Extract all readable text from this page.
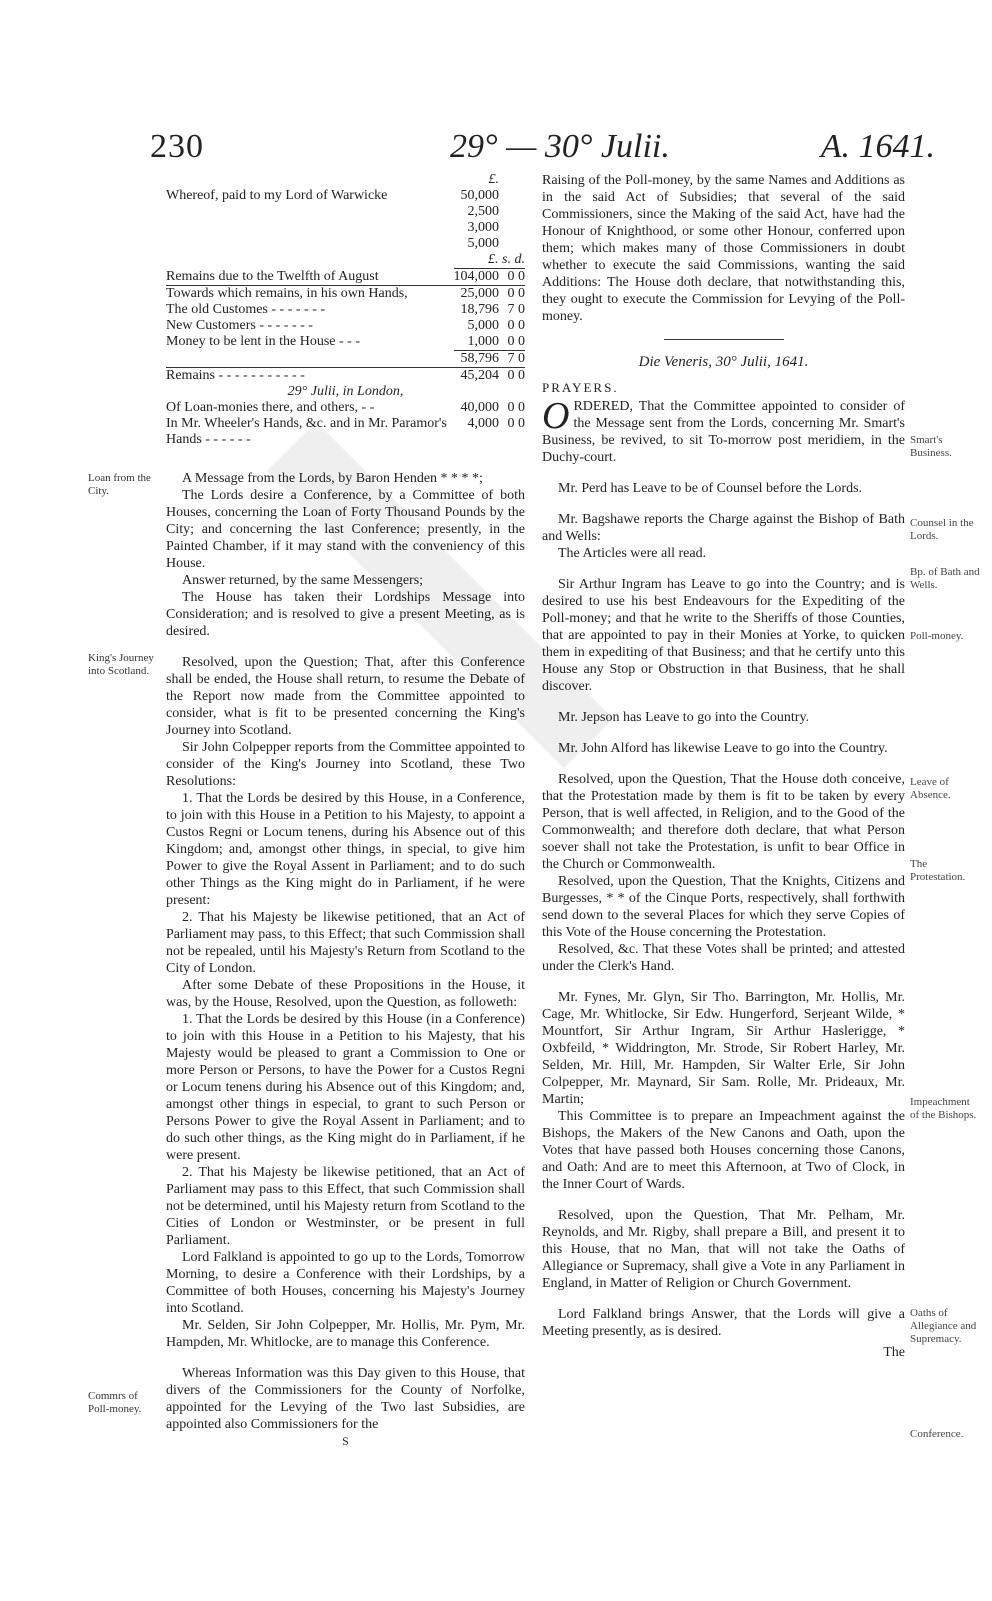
230	29° — 30° Julii.	A. 1641.
	£.	
Whereof, paid to my Lord of Warwicke	50,000	
	2,500	
	3,000	
	5,000	
	£. s. d.	
Remains due to the Twelfth of August	104,000	0 0
Towards which remains, in his own Hands,	25,000	0 0
The old Customes - - - - - - -	18,796	7 0
New Customers - - - - - - -	5,000	0 0
Money to be lent in the House - - -	1,000	0 0
	58,796	7 0
Remains - - - - - - - - - - -	45,204	0 0
29° Julii, in London,		
Of Loan-monies there, and others, - -	40,000	0 0
In Mr. Wheeler's Hands, &c. and in Mr. Paramor's Hands - - - - - -	4,000	0 0

A Message from the Lords, by Baron Henden * * * *;

The Lords desire a Conference, by a Committee of both Houses, concerning the Loan of Forty Thousand Pounds by the City; and concerning the last Conference; presently, in the Painted Chamber, if it may stand with the conveniency of this House.

Answer returned, by the same Messengers;

The House has taken their Lordships Message into Consideration; and is resolved to give a present Meeting, as is desired.

Resolved, upon the Question; That, after this Conference shall be ended, the House shall return, to resume the Debate of the Report now made from the Committee appointed to consider, what is fit to be presented concerning the King's Journey into Scotland.

Sir John Colpepper reports from the Committee appointed to consider of the King's Journey into Scotland, these Two Resolutions:

1. That the Lords be desired by this House, in a Conference, to join with this House in a Petition to his Majesty, to appoint a Custos Regni or Locum tenens, during his Absence out of this Kingdom; and, amongst other things, in special, to give him Power to give the Royal Assent in Parliament; and to do such other Things as the King might do in Parliament, if he were present:

2. That his Majesty be likewise petitioned, that an Act of Parliament may pass, to this Effect; that such Commission shall not be repealed, until his Majesty's Return from Scotland to the City of London.

After some Debate of these Propositions in the House, it was, by the House, Resolved, upon the Question, as followeth:

1. That the Lords be desired by this House (in a Conference) to join with this House in a Petition to his Majesty, that his Majesty would be pleased to grant a Commission to One or more Person or Persons, to have the Power for a Custos Regni or Locum tenens during his Absence out of this Kingdom; and, amongst other things in especial, to grant to such Person or Persons Power to give the Royal Assent in Parliament; and to do such other things, as the King might do in Parliament, if he were present.

2. That his Majesty be likewise petitioned, that an Act of Parliament may pass to this Effect, that such Commission shall not be determined, until his Majesty return from Scotland to the Cities of London or Westminster, or be present in full Parliament.

Lord Falkland is appointed to go up to the Lords, Tomorrow Morning, to desire a Conference with their Lordships, by a Committee of both Houses, concerning his Majesty's Journey into Scotland.

Mr. Selden, Sir John Colpepper, Mr. Hollis, Mr. Pym, Mr. Hampden, Mr. Whitlocke, are to manage this Conference.

Whereas Information was this Day given to this House, that divers of the Commissioners for the County of Norfolke, appointed for the Levying of the Two last Subsidies, are appointed also Commissioners for the

S

Loan from the City.
King's Journey into Scotland.
Commrs of Poll-money.

Raising of the Poll-money, by the same Names and Additions as in the said Act of Subsidies; that several of the said Commissioners, since the Making of the said Act, have had the Honour of Knighthood, or some other Honour, conferred upon them; which makes many of those Commissioners in doubt whether to execute the said Commissions, wanting the said Additions: The House doth declare, that notwithstanding this, they ought to execute the Commission for Levying of the Poll-money.

Die Veneris, 30° Julii, 1641.

PRAYERS.

ORDERED, That the Committee appointed to consider of the Message sent from the Lords, concerning Mr. Smart's Business, be revived, to sit To-morrow post meridiem, in the Duchy-court.

Mr. Perd has Leave to be of Counsel before the Lords.

Mr. Bagshawe reports the Charge against the Bishop of Bath and Wells:

The Articles were all read.

Sir Arthur Ingram has Leave to go into the Country; and is desired to use his best Endeavours for the Expediting of the Poll-money; and that he write to the Sheriffs of those Counties, that are appointed to pay in their Monies at Yorke, to quicken them in expediting of that Business; and that he certify unto this House any Stop or Obstruction in that Business, that he shall discover.

Mr. Jepson has Leave to go into the Country.

Mr. John Alford has likewise Leave to go into the Country.

Resolved, upon the Question, That the House doth conceive, that the Protestation made by them is fit to be taken by every Person, that is well affected, in Religion, and to the Good of the Commonwealth; and therefore doth declare, that what Person soever shall not take the Protestation, is unfit to bear Office in the Church or Commonwealth.

Resolved, upon the Question, That the Knights, Citizens and Burgesses, * * of the Cinque Ports, respectively, shall forthwith send down to the several Places for which they serve Copies of this Vote of the House concerning the Protestation.

Resolved, &c. That these Votes shall be printed; and attested under the Clerk's Hand.

Mr. Fynes, Mr. Glyn, Sir Tho. Barrington, Mr. Hollis, Mr. Cage, Mr. Whitlocke, Sir Edw. Hungerford, Serjeant Wilde, * Mountfort, Sir Arthur Ingram, Sir Arthur Haslerigge, * Oxbfeild, * Widdrington, Mr. Strode, Sir Robert Harley, Mr. Selden, Mr. Hill, Mr. Hampden, Sir Walter Erle, Sir John Colpepper, Mr. Maynard, Sir Sam. Rolle, Mr. Prideaux, Mr. Martin;

This Committee is to prepare an Impeachment against the Bishops, the Makers of the New Canons and Oath, upon the Votes that have passed both Houses concerning those Canons, and Oath: And are to meet this Afternoon, at Two of Clock, in the Inner Court of Wards.

Resolved, upon the Question, That Mr. Pelham, Mr. Reynolds, and Mr. Rigby, shall prepare a Bill, and present it to this House, that no Man, that will not take the Oaths of Allegiance or Supremacy, shall give a Vote in any Parliament in England, in Matter of Religion or Church Government.

Lord Falkland brings Answer, that the Lords will give a Meeting presently, as is desired.

The

Smart's Business.
Counsel in the Lords.
Bp. of Bath and Wells.
Poll-money.
Leave of Absence.
The Protestation.
Impeachment of the Bishops.
Oaths of Allegiance and Supremacy.
Conference.
